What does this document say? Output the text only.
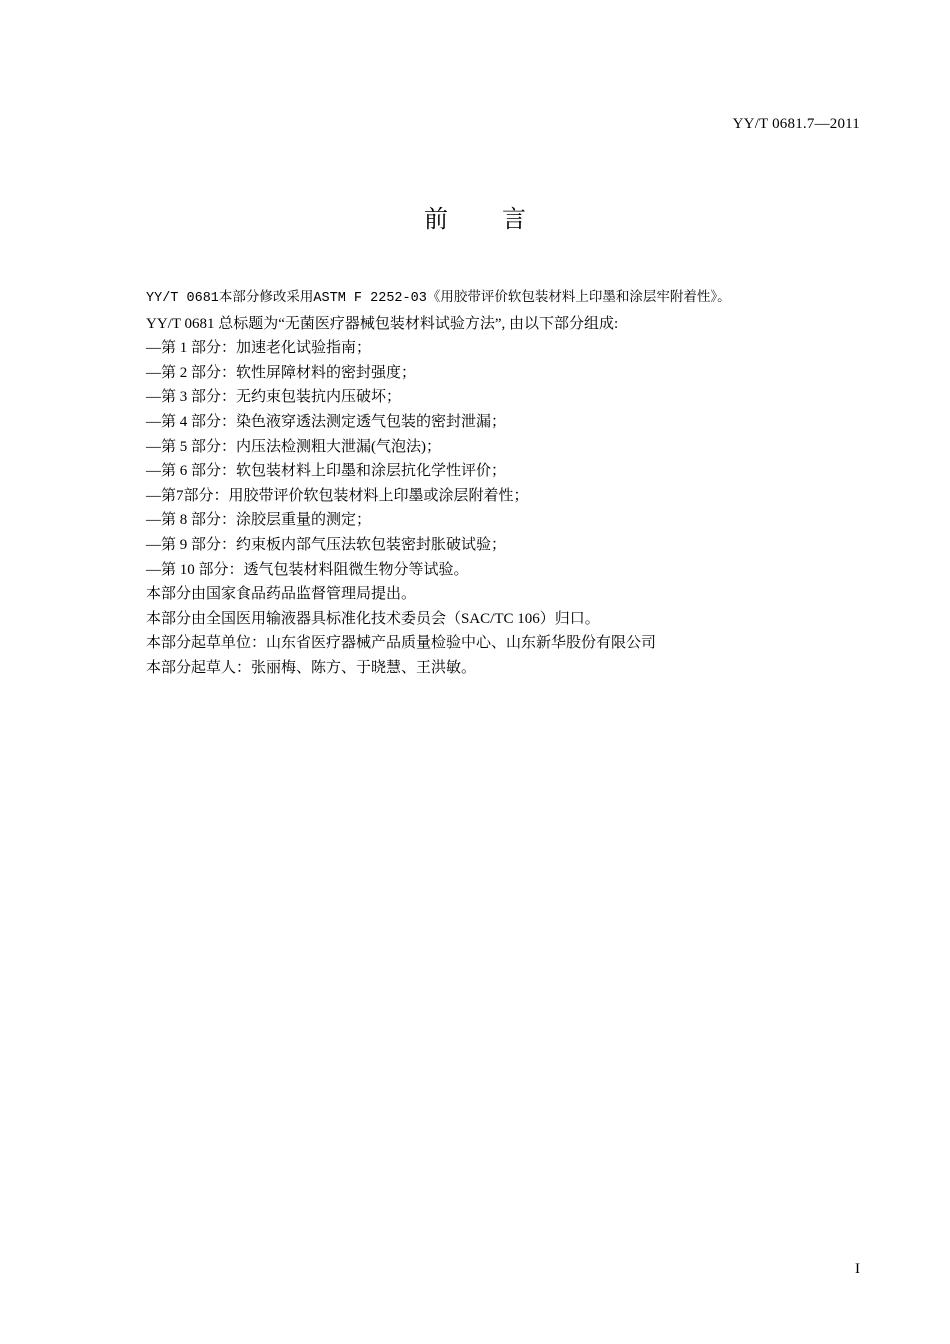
YY/T 0681.7—2011
前 言

YY/T 0681本部分修改采用ASTM F 2252-03《用胶带评价软包装材料上印墨和涂层牢附着性》。

YY/T 0681 总标题为“无菌医疗器械包装材料试验方法”, 由以下部分组成:

—第 1 部分：加速老化试验指南；

—第 2 部分：软性屏障材料的密封强度；

—第 3 部分：无约束包装抗内压破坏；

—第 4 部分：染色液穿透法测定透气包装的密封泄漏；

—第 5 部分：内压法检测粗大泄漏(气泡法)；

—第 6 部分：软包装材料上印墨和涂层抗化学性评价；

—第7部分：用胶带评价软包装材料上印墨或涂层附着性；

—第 8 部分：涂胶层重量的测定；

—第 9 部分：约束板内部气压法软包装密封胀破试验；

—第 10 部分：透气包装材料阻微生物分等试验。

本部分由国家食品药品监督管理局提出。

本部分由全国医用输液器具标准化技术委员会（SAC/TC 106）归口。

本部分起草单位：山东省医疗器械产品质量检验中心、山东新华股份有限公司

本部分起草人：张丽梅、陈方、于晓慧、王洪敏。

I
